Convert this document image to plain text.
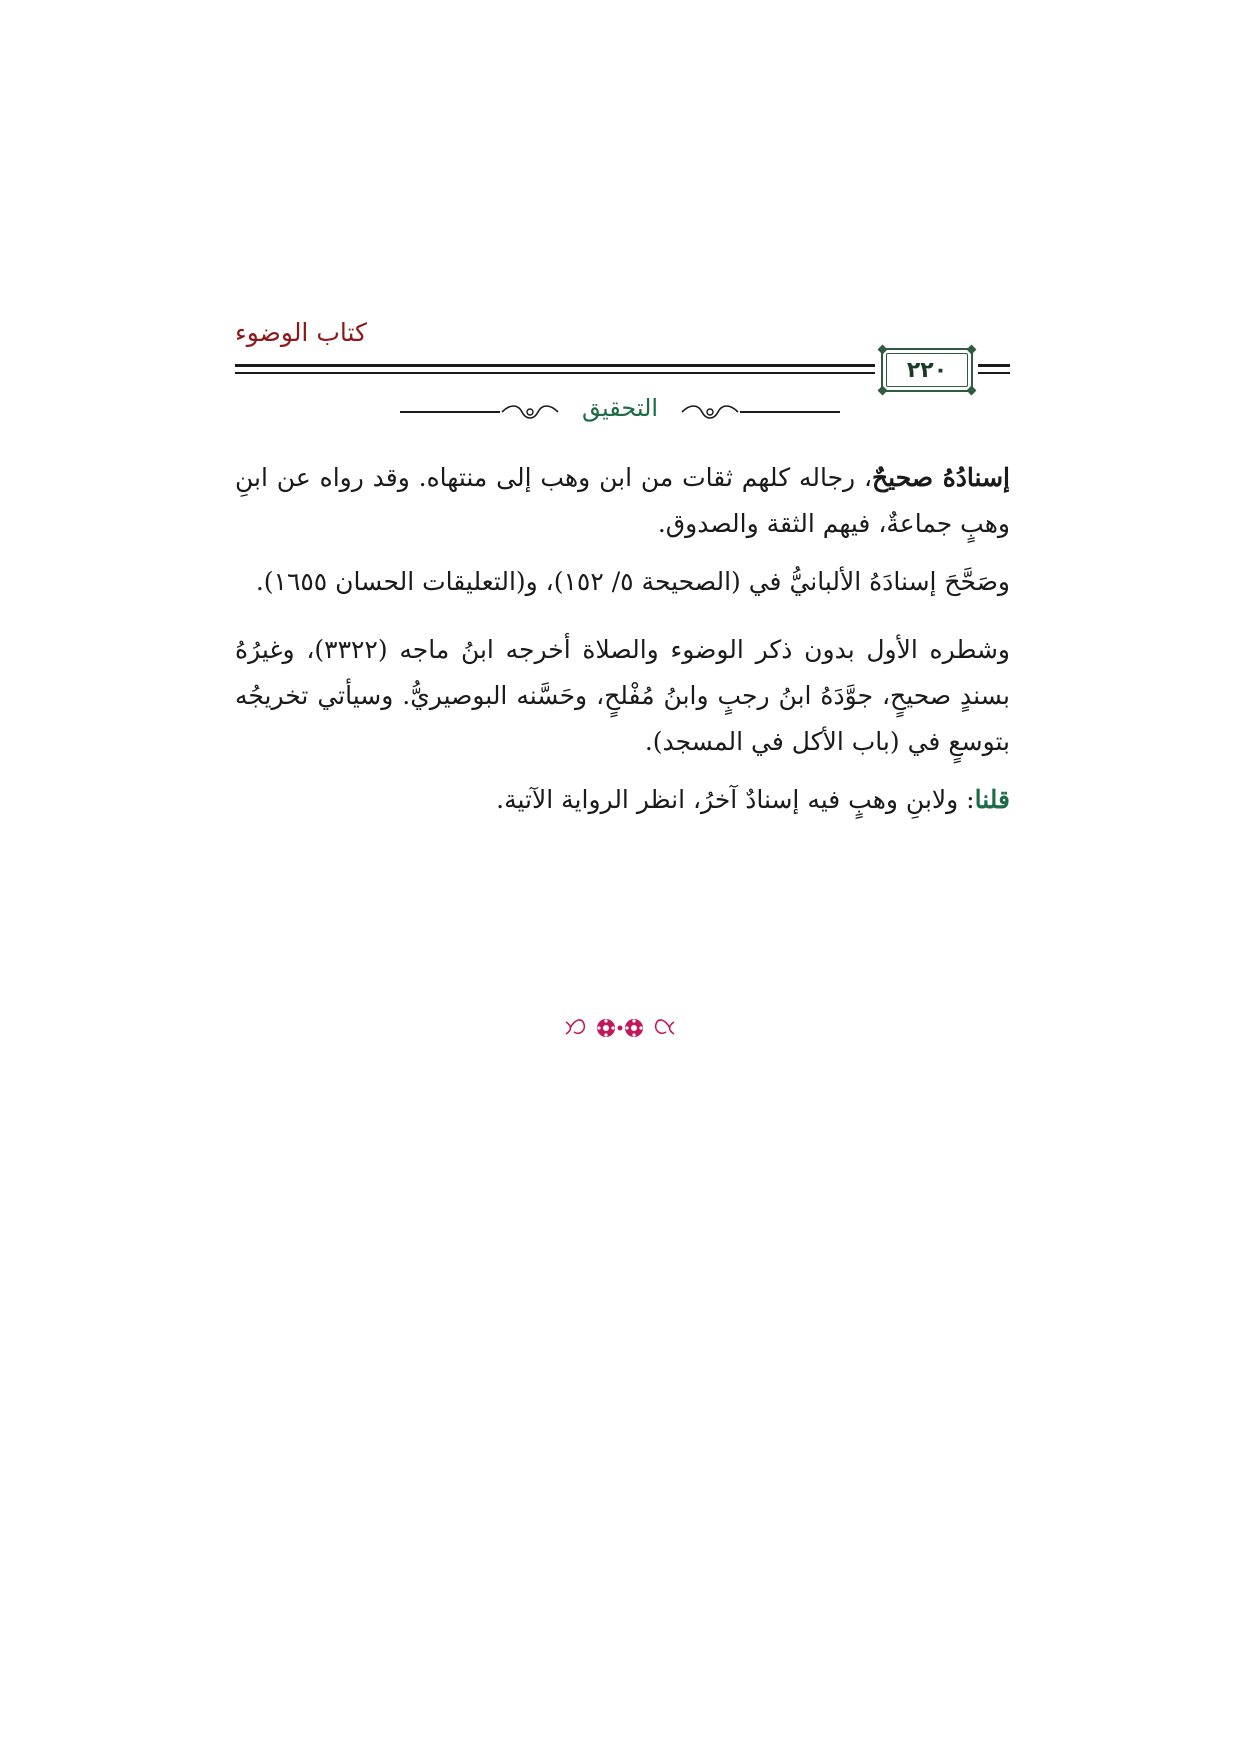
كتاب الوضوء
٢٢٠
التحقيق

إسنادُهُ صحيحٌ، رجاله كلهم ثقات من ابن وهب إلى منتهاه. وقد رواه عن ابنِ وهبٍ جماعةٌ، فيهم الثقة والصدوق.

وصَحَّحَ إسنادَهُ الألبانيُّ في (الصحيحة ٥/ ١٥٢)، و(التعليقات الحسان ١٦٥٥).

وشطره الأول بدون ذكر الوضوء والصلاة أخرجه ابنُ ماجه (٣٣٢٢)، وغيرُهُ بسندٍ صحيحٍ، جوَّدَهُ ابنُ رجبٍ وابنُ مُفْلحٍ، وحَسَّنه البوصيريُّ. وسيأتي تخريجُه بتوسعٍ في (باب الأكل في المسجد).

قلنا: ولابنِ وهبٍ فيه إسنادٌ آخرُ، انظر الرواية الآتية.
